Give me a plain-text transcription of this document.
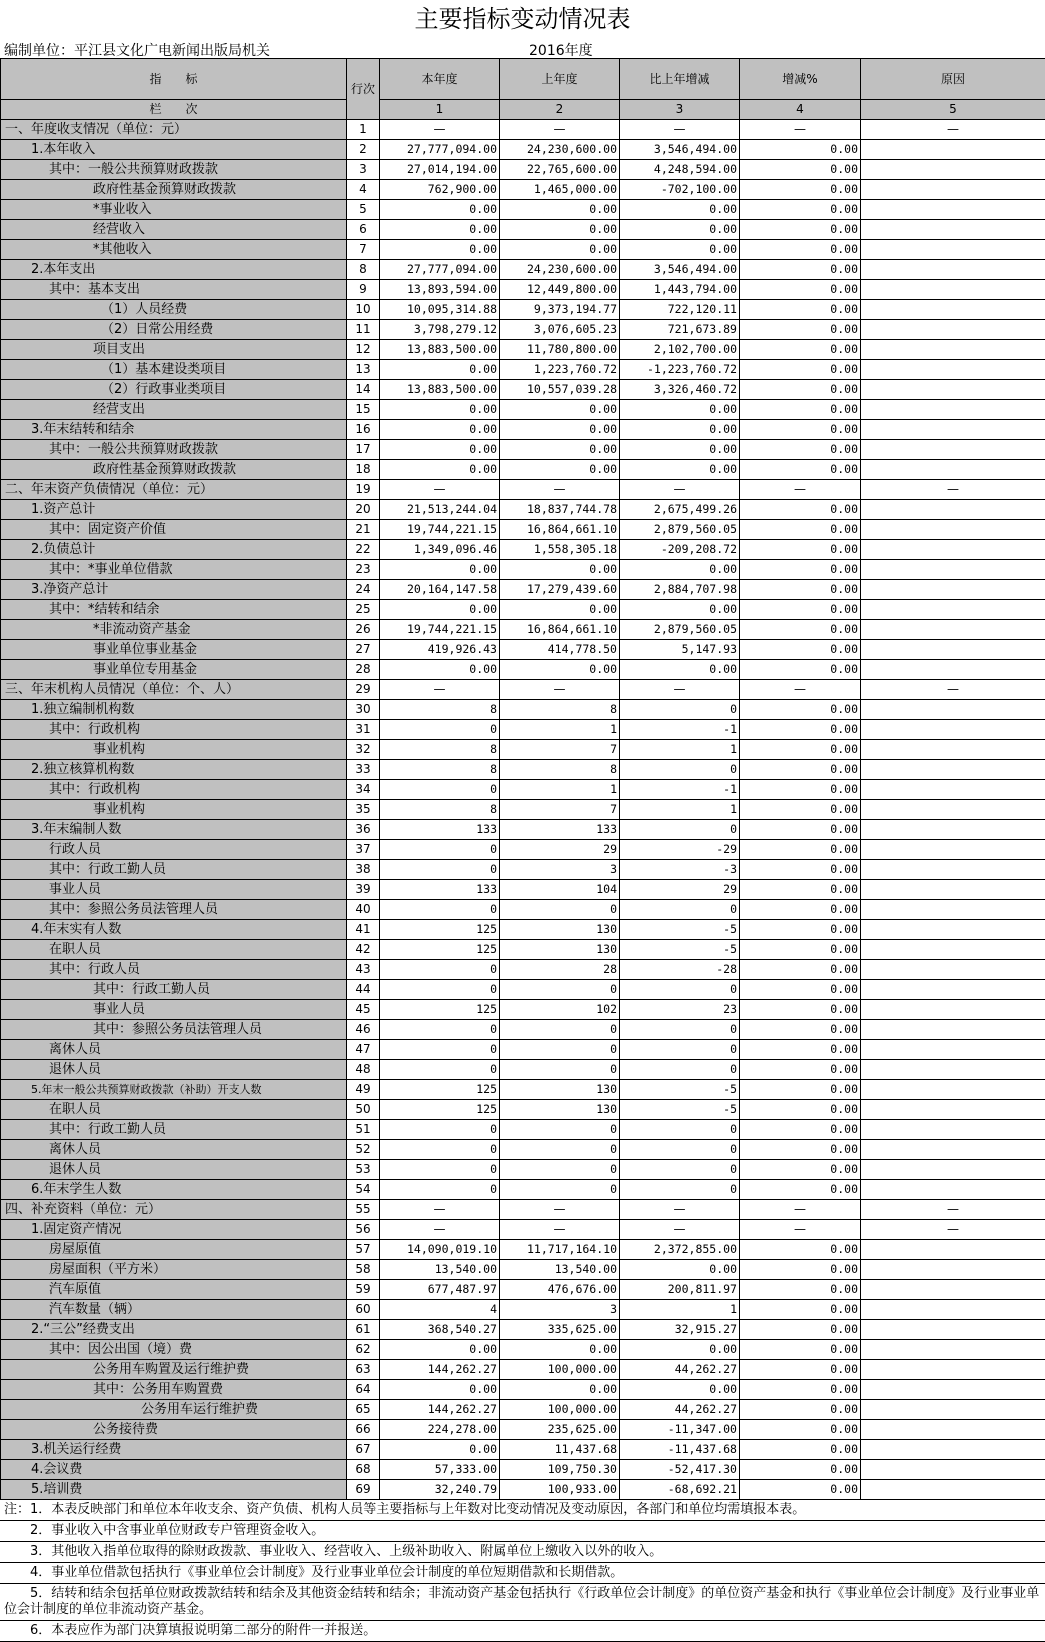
主要指标变动情况表
编制单位：平江县文化广电新闻出版局机关	2016年度
指　　标	行次	本年度	上年度	比上年增减	增减%	原因
栏　　次		1	2	3	4	5
一、年度收支情况（单位：元）	1	—	—	—	—	—
1.本年收入	2	27,777,094.00	24,230,600.00	3,546,494.00	0.00	
其中：一般公共预算财政拨款	3	27,014,194.00	22,765,600.00	4,248,594.00	0.00	
政府性基金预算财政拨款	4	762,900.00	1,465,000.00	-702,100.00	0.00	
*事业收入	5	0.00	0.00	0.00	0.00	
经营收入	6	0.00	0.00	0.00	0.00	
*其他收入	7	0.00	0.00	0.00	0.00	
2.本年支出	8	27,777,094.00	24,230,600.00	3,546,494.00	0.00	
其中：基本支出	9	13,893,594.00	12,449,800.00	1,443,794.00	0.00	
（1）人员经费	10	10,095,314.88	9,373,194.77	722,120.11	0.00	
（2）日常公用经费	11	3,798,279.12	3,076,605.23	721,673.89	0.00	
项目支出	12	13,883,500.00	11,780,800.00	2,102,700.00	0.00	
（1）基本建设类项目	13	0.00	1,223,760.72	-1,223,760.72	0.00	
（2）行政事业类项目	14	13,883,500.00	10,557,039.28	3,326,460.72	0.00	
经营支出	15	0.00	0.00	0.00	0.00	
3.年末结转和结余	16	0.00	0.00	0.00	0.00	
其中：一般公共预算财政拨款	17	0.00	0.00	0.00	0.00	
政府性基金预算财政拨款	18	0.00	0.00	0.00	0.00	
二、年末资产负债情况（单位：元）	19	—	—	—	—	—
1.资产总计	20	21,513,244.04	18,837,744.78	2,675,499.26	0.00	
其中：固定资产价值	21	19,744,221.15	16,864,661.10	2,879,560.05	0.00	
2.负债总计	22	1,349,096.46	1,558,305.18	-209,208.72	0.00	
其中：*事业单位借款	23	0.00	0.00	0.00	0.00	
3.净资产总计	24	20,164,147.58	17,279,439.60	2,884,707.98	0.00	
其中：*结转和结余	25	0.00	0.00	0.00	0.00	
*非流动资产基金	26	19,744,221.15	16,864,661.10	2,879,560.05	0.00	
事业单位事业基金	27	419,926.43	414,778.50	5,147.93	0.00	
事业单位专用基金	28	0.00	0.00	0.00	0.00	
三、年末机构人员情况（单位：个、人）	29	—	—	—	—	—
1.独立编制机构数	30	8	8	0	0.00	
其中：行政机构	31	0	1	-1	0.00	
事业机构	32	8	7	1	0.00	
2.独立核算机构数	33	8	8	0	0.00	
其中：行政机构	34	0	1	-1	0.00	
事业机构	35	8	7	1	0.00	
3.年末编制人数	36	133	133	0	0.00	
行政人员	37	0	29	-29	0.00	
其中：行政工勤人员	38	0	3	-3	0.00	
事业人员	39	133	104	29	0.00	
其中：参照公务员法管理人员	40	0	0	0	0.00	
4.年末实有人数	41	125	130	-5	0.00	
在职人员	42	125	130	-5	0.00	
其中：行政人员	43	0	28	-28	0.00	
其中：行政工勤人员	44	0	0	0	0.00	
事业人员	45	125	102	23	0.00	
其中：参照公务员法管理人员	46	0	0	0	0.00	
离休人员	47	0	0	0	0.00	
退休人员	48	0	0	0	0.00	
5.年末一般公共预算财政拨款（补助）开支人数	49	125	130	-5	0.00	
在职人员	50	125	130	-5	0.00	
其中：行政工勤人员	51	0	0	0	0.00	
离休人员	52	0	0	0	0.00	
退休人员	53	0	0	0	0.00	
6.年末学生人数	54	0	0	0	0.00	
四、补充资料（单位：元）	55	—	—	—	—	—
1.固定资产情况	56	—	—	—	—	—
房屋原值	57	14,090,019.10	11,717,164.10	2,372,855.00	0.00	
房屋面积（平方米）	58	13,540.00	13,540.00	0.00	0.00	
汽车原值	59	677,487.97	476,676.00	200,811.97	0.00	
汽车数量（辆）	60	4	3	1	0.00	
2.“三公”经费支出	61	368,540.27	335,625.00	32,915.27	0.00	
其中：因公出国（境）费	62	0.00	0.00	0.00	0.00	
公务用车购置及运行维护费	63	144,262.27	100,000.00	44,262.27	0.00	
其中：公务用车购置费	64	0.00	0.00	0.00	0.00	
公务用车运行维护费	65	144,262.27	100,000.00	44,262.27	0.00	
公务接待费	66	224,278.00	235,625.00	-11,347.00	0.00	
3.机关运行经费	67	0.00	11,437.68	-11,437.68	0.00	
4.会议费	68	57,333.00	109,750.30	-52,417.30	0.00	
5.培训费	69	32,240.79	100,933.00	-68,692.21	0.00	
注：1．本表反映部门和单位本年收支余、资产负债、机构人员等主要指标与上年数对比变动情况及变动原因，各部门和单位均需填报本表。
　　2．事业收入中含事业单位财政专户管理资金收入。
　　3．其他收入指单位取得的除财政拨款、事业收入、经营收入、上级补助收入、附属单位上缴收入以外的收入。
　　4．事业单位借款包括执行《事业单位会计制度》及行业事业单位会计制度的单位短期借款和长期借款。
　　5．结转和结余包括单位财政拨款结转和结余及其他资金结转和结余；非流动资产基金包括执行《行政单位会计制度》的单位资产基金和执行《事业单位会计制度》及行业事业单位会计制度的单位非流动资产基金。
　　6．本表应作为部门决算填报说明第二部分的附件一并报送。
